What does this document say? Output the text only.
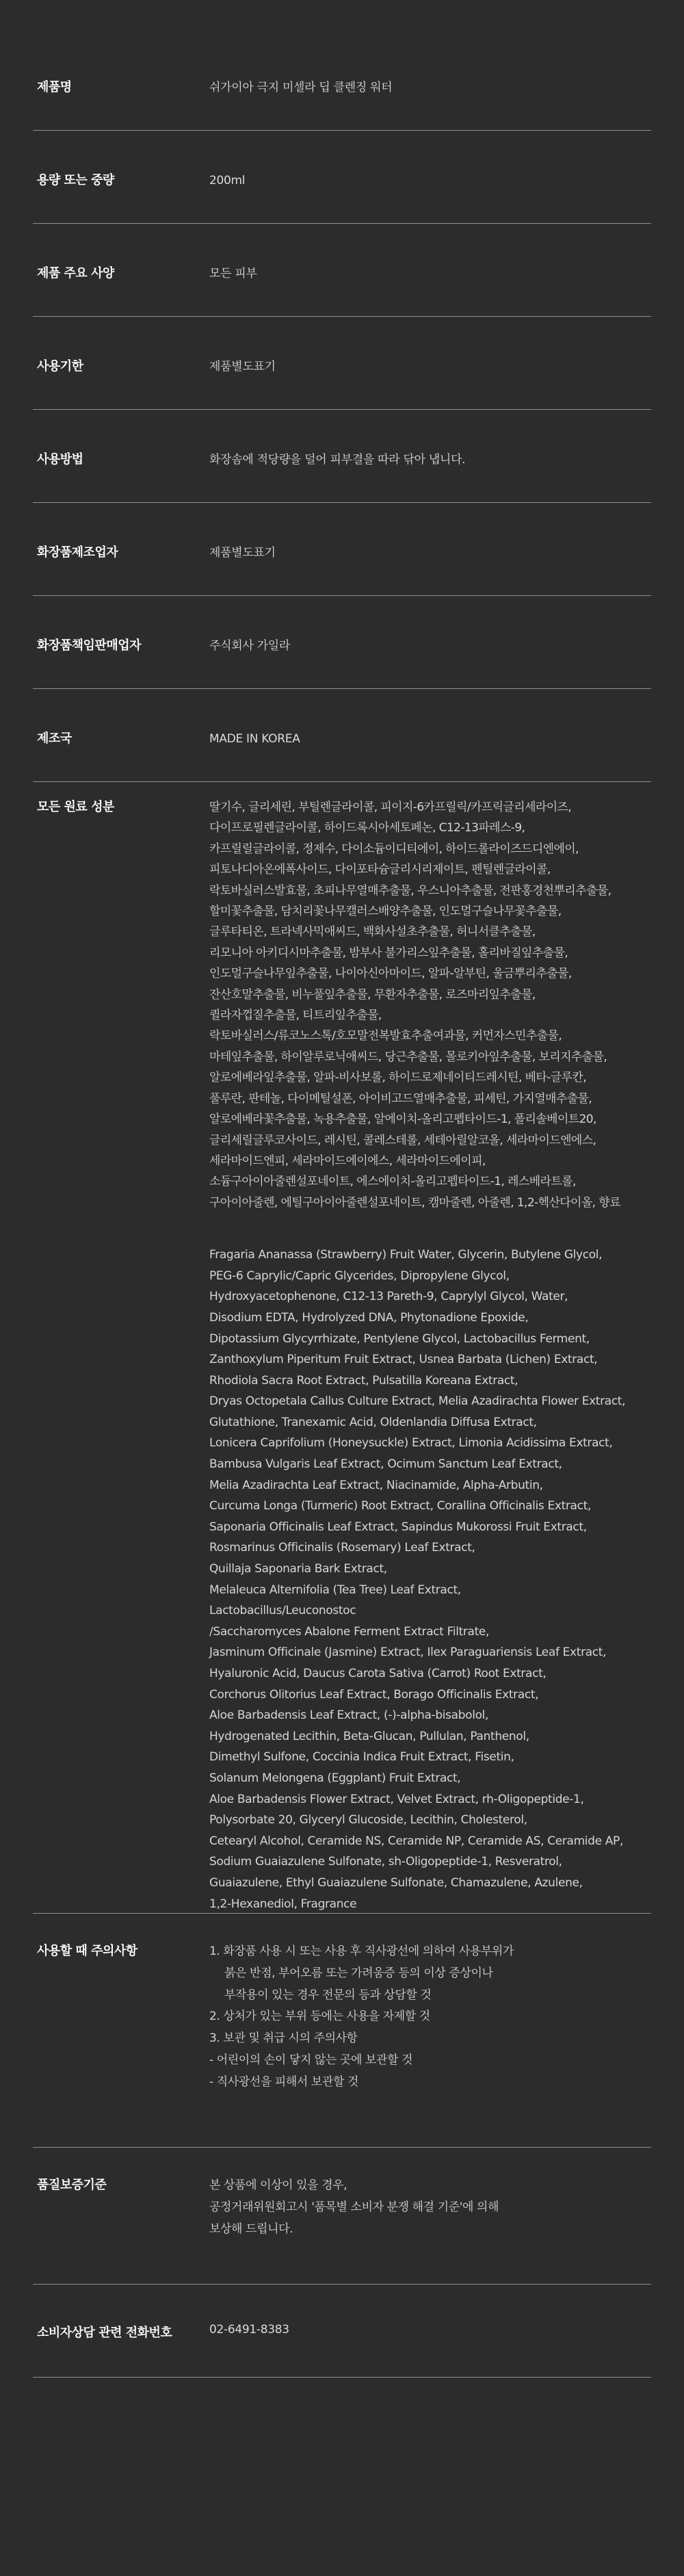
제품명	쉬가이아 극지 미셀라 딥 클렌징 워터
용량 또는 중량	200ml
제품 주요 사양	모든 피부
사용기한	제품별도표기
사용방법	화장솜에 적당량을 덜어 피부결을 따라 닦아 냅니다.
화장품제조업자	제품별도표기
화장품책임판매업자	주식회사 가일라
제조국	MADE IN KOREA
모든 원료 성분	딸기수, 글리세린, 부틸렌글라이콜, 피이지-6카프릴릭/카프릭글리세라이즈,
다이프로필렌글라이콜, 하이드록시아세토페논, C12-13파레스-9,
카프릴릴글라이콜, 정제수, 다이소듐이디티에이, 하이드롤라이즈드디엔에이,
피토나디아온에폭사이드, 다이포타슘글리시리제이트, 펜틸렌글라이콜,
락토바실러스발효물, 초피나무열매추출물, 우스니아추출물, 전판홍경천뿌리추출물,
할미꽃추출물, 담치리꽃나무캘러스배양추출물, 인도멀구슬나무꽃추출물,
글루타티온, 트라넥사믹애씨드, 백화사설초추출물, 허니서클추출물,
리모니아 아키디시마추출물, 밤부사 불가리스잎추출물, 홀리바질잎추출물,
인도멀구슬나무잎추출물, 나이아신아마이드, 알파-알부틴, 울금뿌리추출물,
잔산호말추출물, 비누풀잎추출물, 무환자추출물, 로즈마리잎추출물,
퀼라자껍질추출물, 티트리잎추출물,
락토바실러스/류코노스톡/호모말전복발효추출여과물, 커먼자스민추출물,
마테잎추출물, 하이알루로닉애씨드, 당근추출물, 몰로키아잎추출물, 보리지추출물,
알로에베라잎추출물, 알파-비사보롤, 하이드로제네이티드레시틴, 베타-글루칸,
풀루란, 판테놀, 다이메틸설폰, 아이비고드열매추출물, 피세틴, 가지열매추출물,
알로에베라꽃추출물, 녹용추출물, 알에이치-올리고펩타이드-1, 폴리솔베이트20,
글리세릴글루코사이드, 레시틴, 콜레스테롤, 세테아릴알코올, 세라마이드엔에스,
세라마이드엔피, 세라마이드에이에스, 세라마이드에이피,
소듐구아이아줄렌설포네이트, 에스에이치-올리고펩타이드-1, 레스베라트롤,
구아이아줄렌, 에틸구아이아줄렌설포네이트, 캠마줄렌, 아줄렌, 1,2-헥산다이올, 향료
Fragaria Ananassa (Strawberry) Fruit Water, Glycerin, Butylene Glycol,
PEG-6 Caprylic/Capric Glycerides, Dipropylene Glycol,
Hydroxyacetophenone, C12-13 Pareth-9, Caprylyl Glycol, Water,
Disodium EDTA, Hydrolyzed DNA, Phytonadione Epoxide,
Dipotassium Glycyrrhizate, Pentylene Glycol, Lactobacillus Ferment,
Zanthoxylum Piperitum Fruit Extract, Usnea Barbata (Lichen) Extract,
Rhodiola Sacra Root Extract, Pulsatilla Koreana Extract,
Dryas Octopetala Callus Culture Extract, Melia Azadirachta Flower Extract,
Glutathione, Tranexamic Acid, Oldenlandia Diffusa Extract,
Lonicera Caprifolium (Honeysuckle) Extract, Limonia Acidissima Extract,
Bambusa Vulgaris Leaf Extract, Ocimum Sanctum Leaf Extract,
Melia Azadirachta Leaf Extract, Niacinamide, Alpha-Arbutin,
Curcuma Longa (Turmeric) Root Extract, Corallina Officinalis Extract,
Saponaria Officinalis Leaf Extract, Sapindus Mukorossi Fruit Extract,
Rosmarinus Officinalis (Rosemary) Leaf Extract,
Quillaja Saponaria Bark Extract,
Melaleuca Alternifolia (Tea Tree) Leaf Extract,
Lactobacillus/Leuconostoc
/Saccharomyces Abalone Ferment Extract Filtrate,
Jasminum Officinale (Jasmine) Extract, Ilex Paraguariensis Leaf Extract,
Hyaluronic Acid, Daucus Carota Sativa (Carrot) Root Extract,
Corchorus Olitorius Leaf Extract, Borago Officinalis Extract,
Aloe Barbadensis Leaf Extract, (-)-alpha-bisabolol,
Hydrogenated Lecithin, Beta-Glucan, Pullulan, Panthenol,
Dimethyl Sulfone, Coccinia Indica Fruit Extract, Fisetin,
Solanum Melongena (Eggplant) Fruit Extract,
Aloe Barbadensis Flower Extract, Velvet Extract, rh-Oligopeptide-1,
Polysorbate 20, Glyceryl Glucoside, Lecithin, Cholesterol,
Cetearyl Alcohol, Ceramide NS, Ceramide NP, Ceramide AS, Ceramide AP,
Sodium Guaiazulene Sulfonate, sh-Oligopeptide-1, Resveratrol,
Guaiazulene, Ethyl Guaiazulene Sulfonate, Chamazulene, Azulene,
1,2-Hexanediol, Fragrance
사용할 때 주의사항	1. 화장품 사용 시 또는 사용 후 직사광선에 의하여 사용부위가
붉은 반점, 부어오름 또는 가려움증 등의 이상 증상이나
부작용이 있는 경우 전문의 등과 상담할 것
2. 상처가 있는 부위 등에는 사용을 자제할 것
3. 보관 및 취급 시의 주의사항
- 어린이의 손이 닿지 않는 곳에 보관할 것
- 직사광선을 피해서 보관할 것
품질보증기준	본 상품에 이상이 있을 경우,
공정거래위원회고시 '품목별 소비자 분쟁 해결 기준'에 의해
보상해 드립니다.
소비자상담 관련 전화번호	02-6491-8383
